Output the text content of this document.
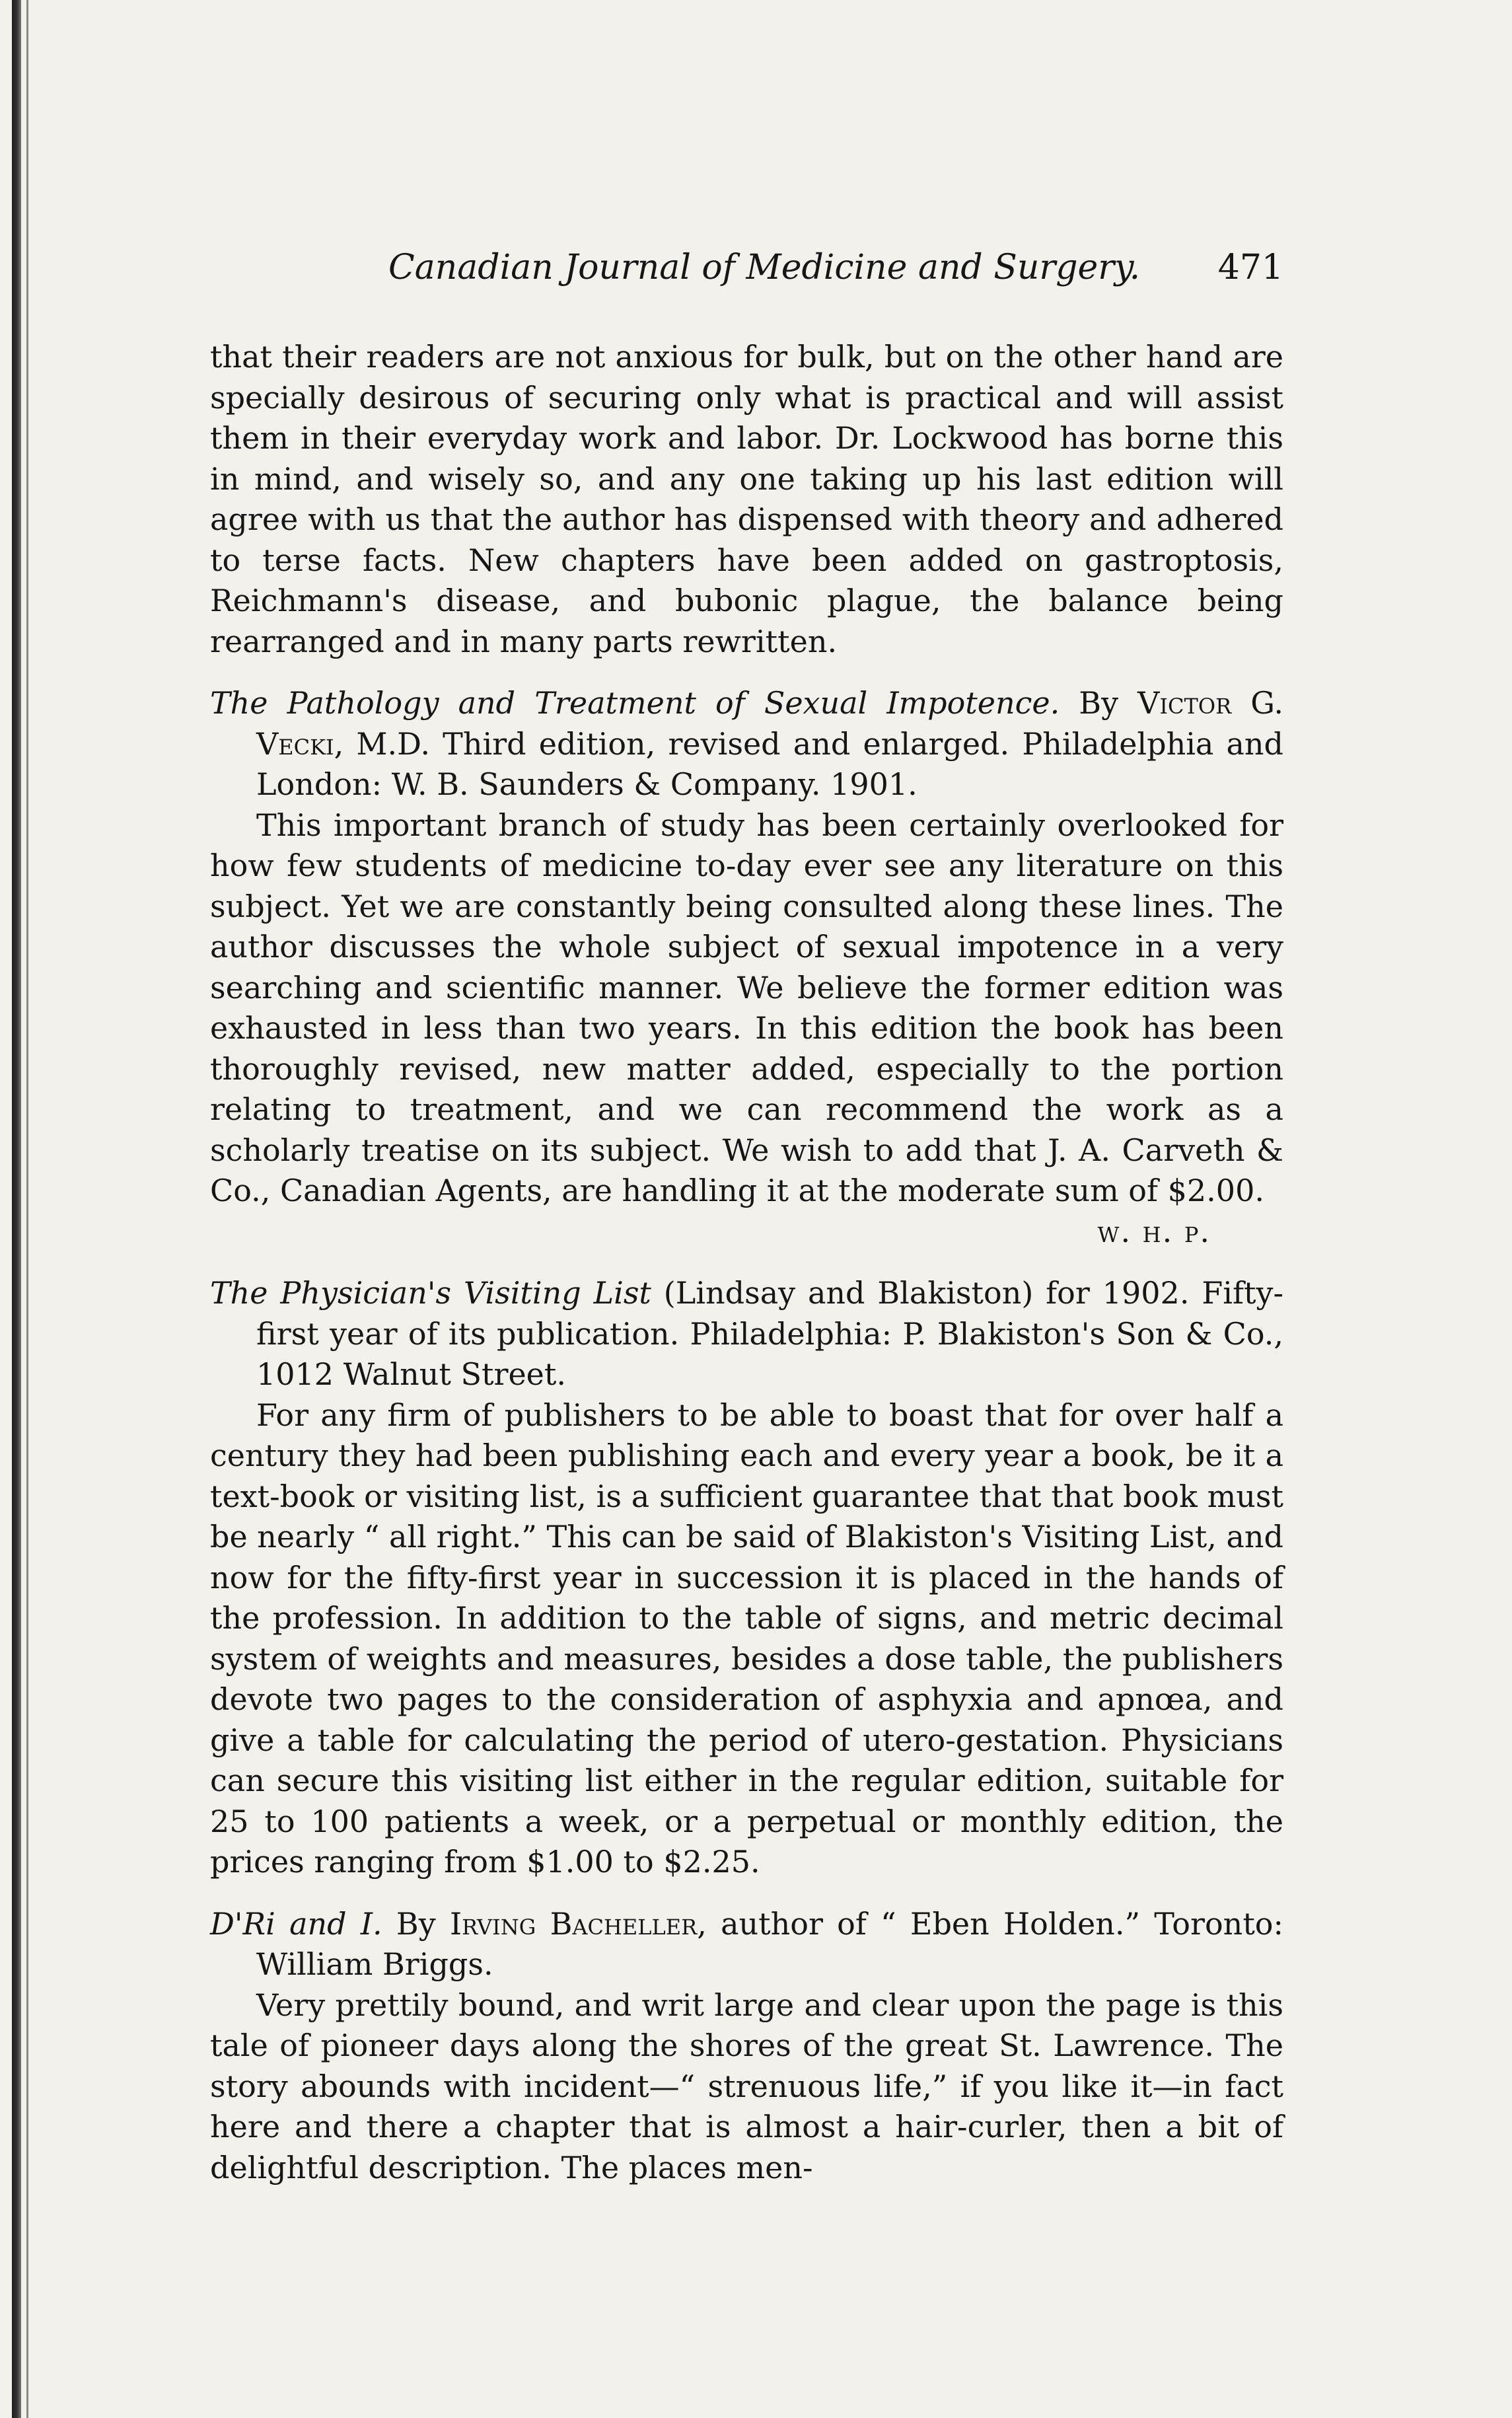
Canadian Journal of Medicine and Surgery. 471

that their readers are not anxious for bulk, but on the other hand are specially desirous of securing only what is practical and will assist them in their everyday work and labor. Dr. Lockwood has borne this in mind, and wisely so, and any one taking up his last edition will agree with us that the author has dispensed with theory and adhered to terse facts. New chapters have been added on gastroptosis, Reichmann's disease, and bubonic plague, the balance being rearranged and in many parts rewritten.

The Pathology and Treatment of Sexual Impotence. By Victor G. Vecki, M.D. Third edition, revised and enlarged. Philadelphia and London: W. B. Saunders & Company. 1901.

This important branch of study has been certainly overlooked for how few students of medicine to-day ever see any literature on this subject. Yet we are constantly being consulted along these lines. The author discusses the whole subject of sexual impotence in a very searching and scientific manner. We believe the former edition was exhausted in less than two years. In this edition the book has been thoroughly revised, new matter added, especially to the portion relating to treatment, and we can recommend the work as a scholarly treatise on its subject. We wish to add that J. A. Carveth & Co., Canadian Agents, are handling it at the moderate sum of $2.00.
w. h. p.

The Physician's Visiting List (Lindsay and Blakiston) for 1902. Fifty-first year of its publication. Philadelphia: P. Blakiston's Son & Co., 1012 Walnut Street.

For any firm of publishers to be able to boast that for over half a century they had been publishing each and every year a book, be it a text-book or visiting list, is a sufficient guarantee that that book must be nearly “ all right.” This can be said of Blakiston's Visiting List, and now for the fifty-first year in succession it is placed in the hands of the profession. In addition to the table of signs, and metric decimal system of weights and measures, besides a dose table, the publishers devote two pages to the consideration of asphyxia and apnœa, and give a table for calculating the period of utero-gestation. Physicians can secure this visiting list either in the regular edition, suitable for 25 to 100 patients a week, or a perpetual or monthly edition, the prices ranging from $1.00 to $2.25.

D'Ri and I. By Irving Bacheller, author of “ Eben Holden.” Toronto: William Briggs.

Very prettily bound, and writ large and clear upon the page is this tale of pioneer days along the shores of the great St. Lawrence. The story abounds with incident—“ strenuous life,” if you like it—in fact here and there a chapter that is almost a hair-curler, then a bit of delightful description. The places men-
